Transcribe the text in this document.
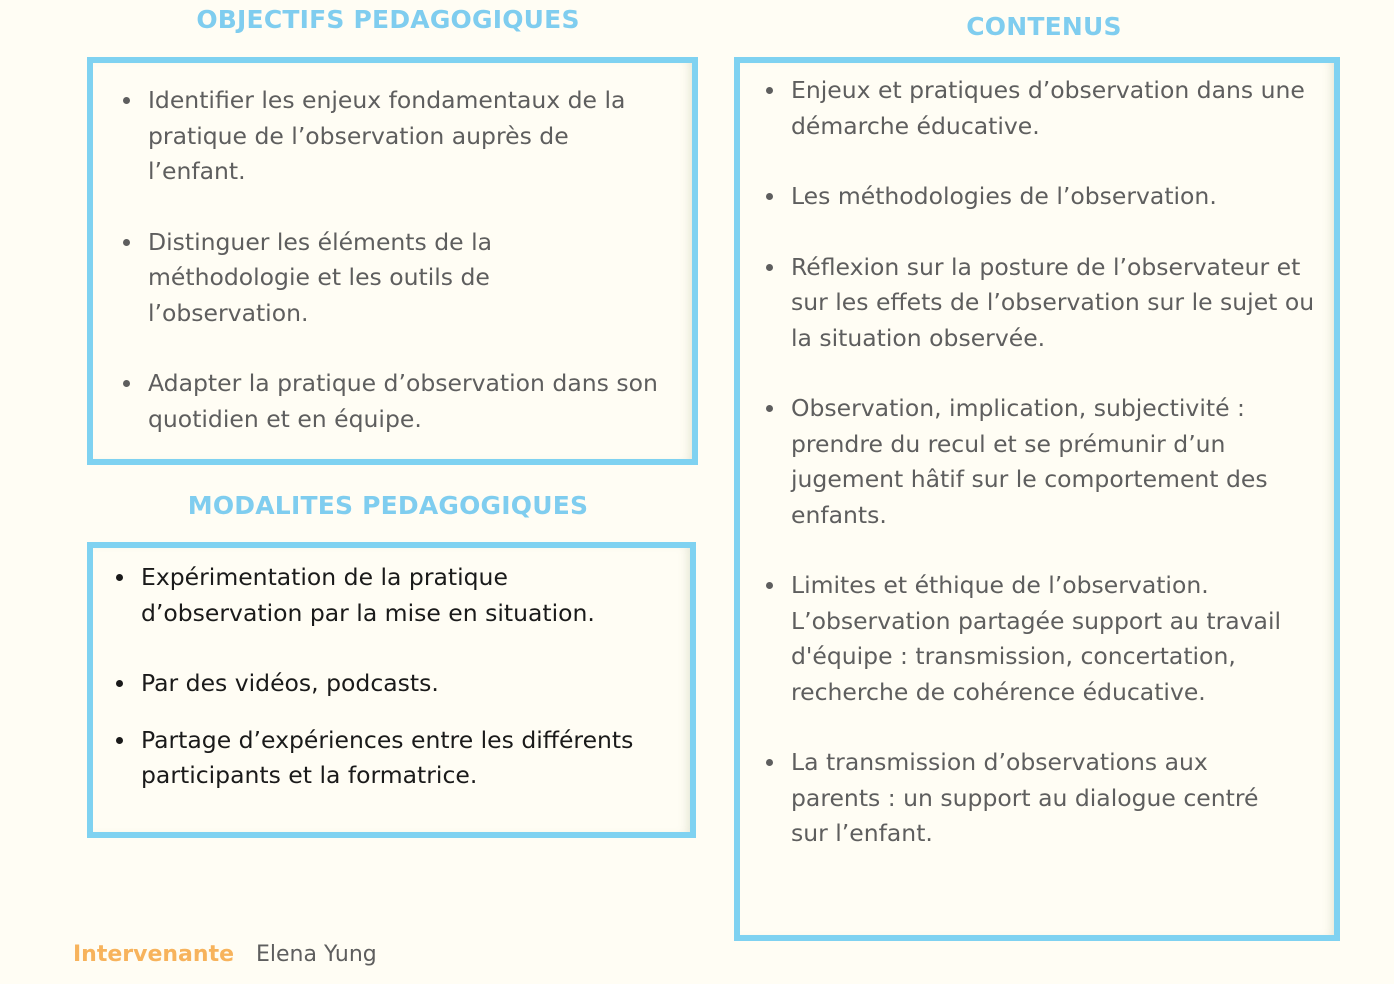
OBJECTIFS PEDAGOGIQUES
Identifier les enjeux fondamentaux de la pratique de l’observation auprès de l’enfant.
Distinguer les éléments de la méthodologie et les outils de l’observation.
Adapter la pratique d’observation dans son quotidien et en équipe.
MODALITES PEDAGOGIQUES
Expérimentation de la pratique d’observation par la mise en situation.
Par des vidéos, podcasts.
Partage d’expériences entre les différents participants et la formatrice.
CONTENUS
Enjeux et pratiques d’observation dans une démarche éducative.
Les méthodologies de l’observation.
Réflexion sur la posture de l’observateur et sur les effets de l’observation sur le sujet ou la situation observée.
Observation, implication, subjectivité : prendre du recul et se prémunir d’un jugement hâtif sur le comportement des enfants.
Limites et éthique de l’observation. L’observation partagée support au travail d'équipe : transmission, concertation, recherche de cohérence éducative.
La transmission d’observations aux parents : un support au dialogue centré sur l’enfant.
Intervenante Elena Yung
